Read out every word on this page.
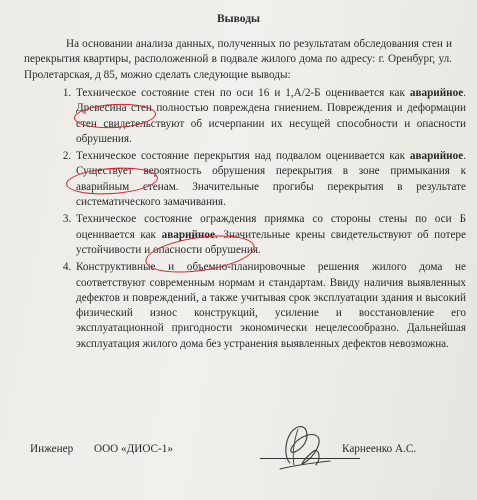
Выводы
На основании анализа данных, полученных по результатам обследования стен и перекрытия квартиры, расположенной в подвале жилого дома по адресу: г. Оренбург, ул. Пролетарская, д 85, можно сделать следующие выводы:
1. Техническое состояние стен по оси 16 и 1,А/2-Б оценивается как аварийное. Древесина стен полностью повреждена гниением. Повреждения и деформации стен свидетельствуют об исчерпании их несущей способности и опасности обрушения.
2. Техническое состояние перекрытия над подвалом оценивается как аварийное. Существует вероятность обрушения перекрытия в зоне примыкания к аварийным стенам. Значительные прогибы перекрытия в результате систематического замачивания.
3. Техническое состояние ограждения приямка со стороны стены по оси Б оценивается как аварийное. Значительные крены свидетельствуют об потере устойчивости и опасности обрушения.
4. Конструктивные и объемно-планировочные решения жилого дома не соответствуют современным нормам и стандартам. Ввиду наличия выявленных дефектов и повреждений, а также учитывая срок эксплуатации здания и высокий физический износ конструкций, усиление и восстановление его эксплуатационной пригодности экономически нецелесообразно. Дальнейшая эксплуатация жилого дома без устранения выявленных дефектов невозможна.
Инженер ООО «ДИОС-1»	Карнеенко А.С.
